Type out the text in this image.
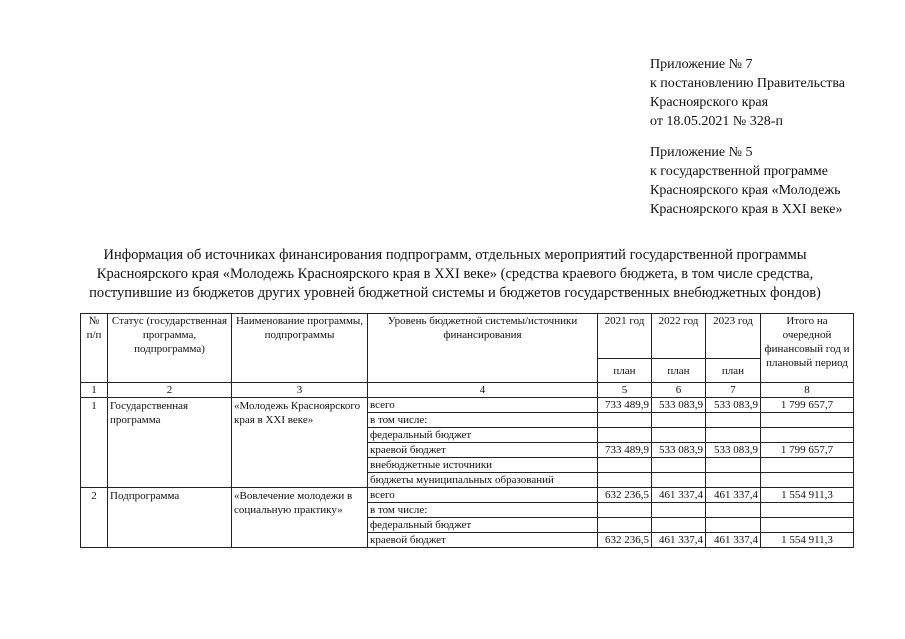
Приложение № 7
к постановлению Правительства
Красноярского края
от 18.05.2021 № 328-п
Приложение № 5
к государственной программе
Красноярского края «Молодежь
Красноярского края в XXI веке»
Информация об источниках финансирования подпрограмм, отдельных мероприятий государственной программы
Красноярского края «Молодежь Красноярского края в XXI веке» (средства краевого бюджета, в том числе средства,
поступившие из бюджетов других уровней бюджетной системы и бюджетов государственных внебюджетных фондов)
№ п/п	Статус (государственная программа, подпрограмма)	Наименование программы, подпрограммы	Уровень бюджетной системы/источники финансирования	2021 год	2022 год	2023 год	Итого на очередной финансовый год и плановый период
				план	план	план	
1	2	3	4	5	6	7	8
1	Государственная программа	«Молодежь Красноярского края в XXI веке»	всего	733 489,9	533 083,9	533 083,9	1 799 657,7
			в том числе:				
			федеральный бюджет				
			краевой бюджет	733 489,9	533 083,9	533 083,9	1 799 657,7
			внебюджетные источники				
			бюджеты муниципальных образований				
2	Подпрограмма	«Вовлечение молодежи в социальную практику»	всего	632 236,5	461 337,4	461 337,4	1 554 911,3
			в том числе:				
			федеральный бюджет				
			краевой бюджет	632 236,5	461 337,4	461 337,4	1 554 911,3
